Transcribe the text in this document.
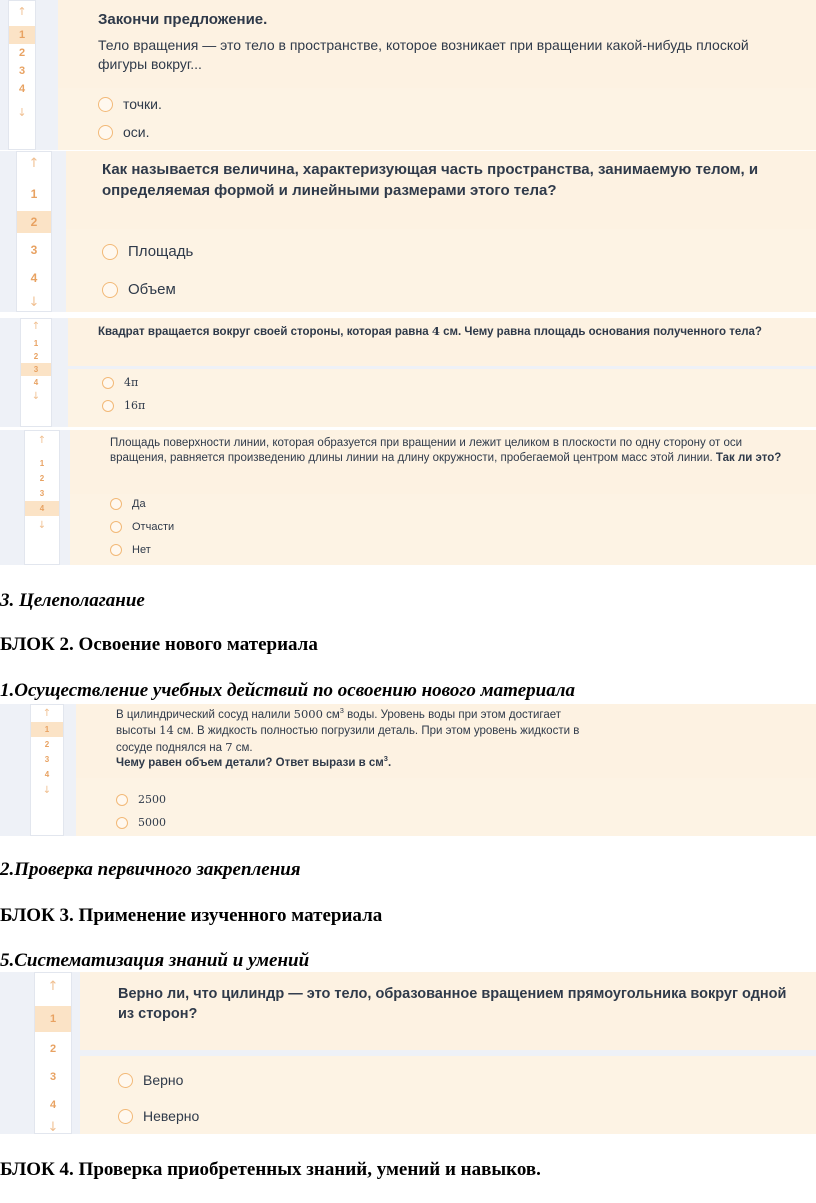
↑
1
2
3
4
↓
Закончи предложение.
Тело вращения — это тело в пространстве, которое возникает при вращении какой-нибудь плоской фигуры вокруг...
точки.
оси.
↑
1
2
3
4
↓
Как называется величина, характеризующая часть пространства, занимаемую телом, и определяемая формой и линейными размерами этого тела?
Площадь
Объем
↑
1
2
3
4
↓
Квадрат вращается вокруг своей стороны, которая равна 4 см. Чему равна площадь основания полученного тела?
4π
16π
↑
1
2
3
4
↓
Площадь поверхности линии, которая образуется при вращении и лежит целиком в плоскости по одну сторону от оси вращения, равняется произведению длины линии на длину окружности, пробегаемой центром масс этой линии. Так ли это?
Да
Отчасти
Нет
3. Целеполагание
БЛОК 2. Освоение нового материала
1.Осуществление учебных действий по освоению нового материала
↑
1
2
3
4
↓
В цилиндрический сосуд налили 5000 $см^3$ воды. Уровень воды при этом достигает
высоты 14 см. В жидкость полностью погрузили деталь. При этом уровень жидкости в
сосуде поднялся на 7 см.
Чему равен объем детали? Ответ вырази в $см^3$.
2500
5000
2.Проверка первичного закрепления
БЛОК 3. Применение изученного материала
5.Систематизация знаний и умений
↑
1
2
3
4
↓
Верно ли, что цилиндр — это тело, образованное вращением прямоугольника вокруг одной из сторон?
Верно
Неверно
БЛОК 4. Проверка приобретенных знаний, умений и навыков.
